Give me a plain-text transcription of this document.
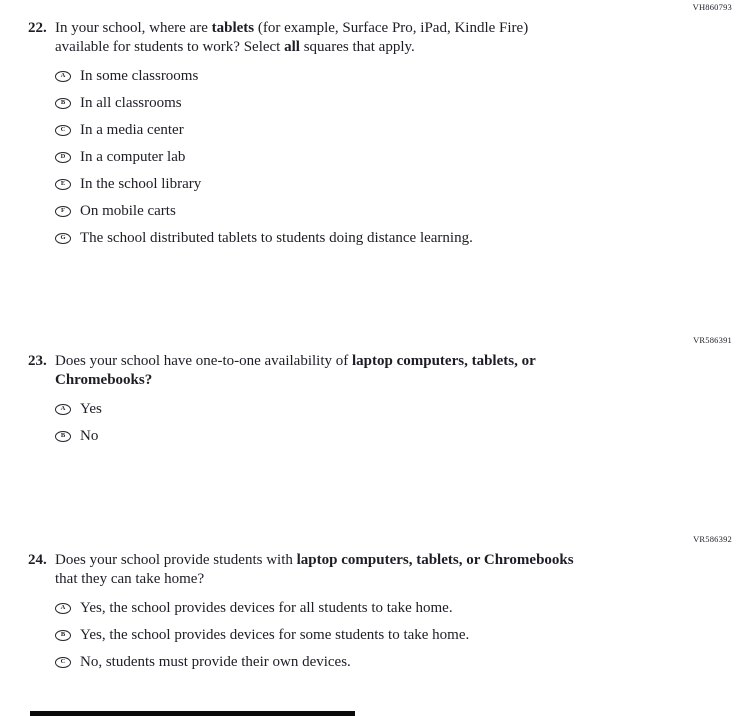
VH860793
22. In your school, where are tablets (for example, Surface Pro, iPad, Kindle Fire) available for students to work? Select all squares that apply.
A In some classrooms
B In all classrooms
C In a media center
D In a computer lab
E In the school library
F On mobile carts
G The school distributed tablets to students doing distance learning.
VR586391
23. Does your school have one-to-one availability of laptop computers, tablets, or Chromebooks?
A Yes
B No
VR586392
24. Does your school provide students with laptop computers, tablets, or Chromebooks that they can take home?
A Yes, the school provides devices for all students to take home.
B Yes, the school provides devices for some students to take home.
C No, students must provide their own devices.
